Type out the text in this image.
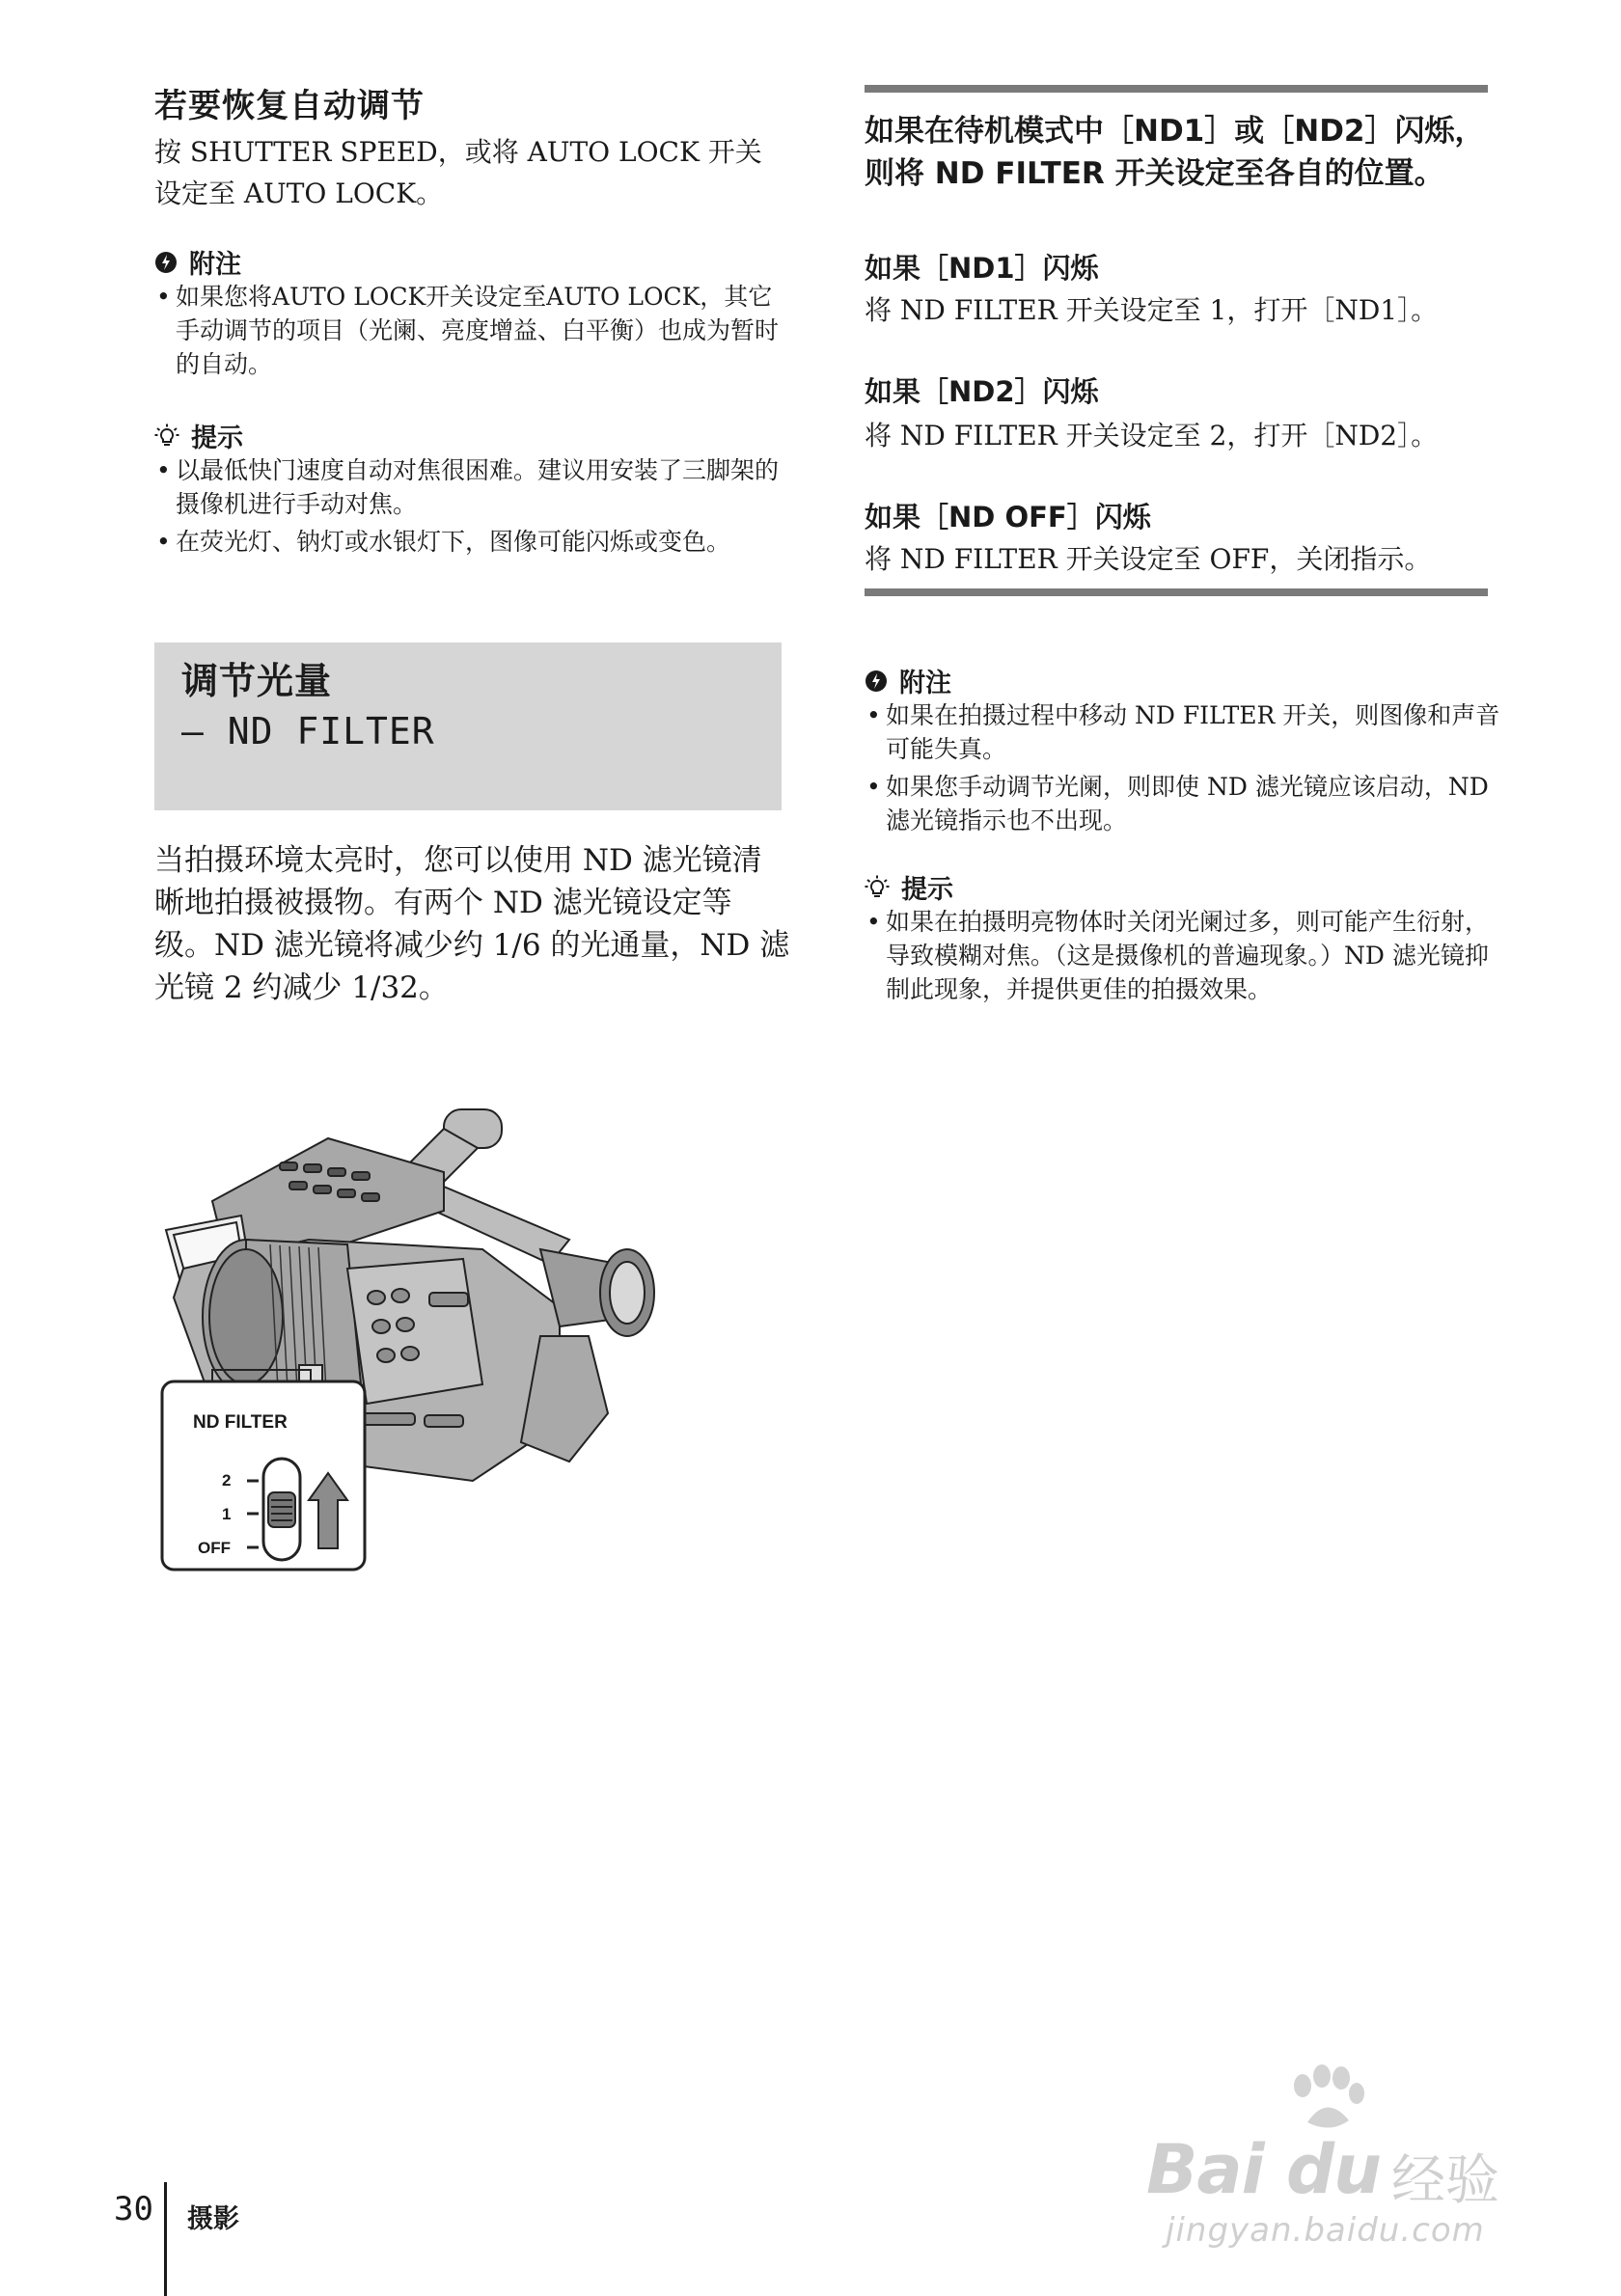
若要恢复自动调节
按 SHUTTER SPEED，或将 AUTO LOCK 开关设定至 AUTO LOCK。
附注
• 如果您将AUTO LOCK开关设定至AUTO LOCK，其它手动调节的项目（光阑、亮度增益、白平衡）也成为暂时的自动。
提示
• 以最低快门速度自动对焦很困难。建议用安装了三脚架的摄像机进行手动对焦。
• 在荧光灯、钠灯或水银灯下，图像可能闪烁或变色。
调节光量
— ND FILTER
当拍摄环境太亮时，您可以使用 ND 滤光镜清晰地拍摄被摄物。有两个 ND 滤光镜设定等级。ND 滤光镜将减少约 1/6 的光通量，ND 滤光镜 2 约减少 1/32。
ND FILTER
2
1
OFF
如果在待机模式中［ND1］或［ND2］闪烁，则将 ND FILTER 开关设定至各自的位置。
如果［ND1］闪烁
将 ND FILTER 开关设定至 1，打开［ND1］。
如果［ND2］闪烁
将 ND FILTER 开关设定至 2，打开［ND2］。
如果［ND OFF］闪烁
将 ND FILTER 开关设定至 OFF，关闭指示。
附注
• 如果在拍摄过程中移动 ND FILTER 开关，则图像和声音可能失真。
• 如果您手动调节光阑，则即使 ND 滤光镜应该启动，ND 滤光镜指示也不出现。
提示
• 如果在拍摄明亮物体时关闭光阑过多，则可能产生衍射，导致模糊对焦。（这是摄像机的普遍现象。）ND 滤光镜抑制此现象，并提供更佳的拍摄效果。
30 摄影
Bai du 经验
jingyan.baidu.com
